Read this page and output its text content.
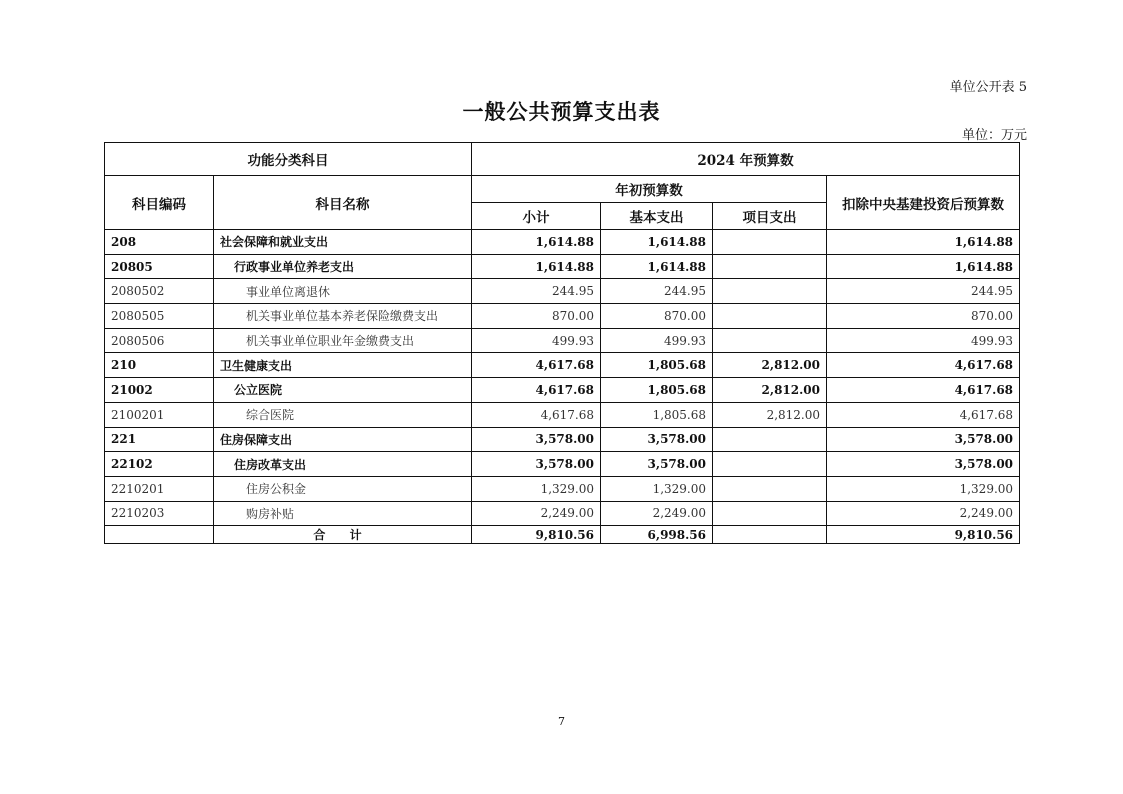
单位公开表 5
一般公共预算支出表
单位：万元
功能分类科目		2024 年预算数			
科目编码	科目名称	年初预算数			扣除中央基建投资后预算数
		小计	基本支出	项目支出	
208	社会保障和就业支出	1,614.88	1,614.88		1,614.88
20805	行政事业单位养老支出	1,614.88	1,614.88		1,614.88
2080502	事业单位离退休	244.95	244.95		244.95
2080505	机关事业单位基本养老保险缴费支出	870.00	870.00		870.00
2080506	机关事业单位职业年金缴费支出	499.93	499.93		499.93
210	卫生健康支出	4,617.68	1,805.68	2,812.00	4,617.68
21002	公立医院	4,617.68	1,805.68	2,812.00	4,617.68
2100201	综合医院	4,617.68	1,805.68	2,812.00	4,617.68
221	住房保障支出	3,578.00	3,578.00		3,578.00
22102	住房改革支出	3,578.00	3,578.00		3,578.00
2210201	住房公积金	1,329.00	1,329.00		1,329.00
2210203	购房补贴	2,249.00	2,249.00		2,249.00
	合 计	9,810.56	6,998.56		9,810.56
7
